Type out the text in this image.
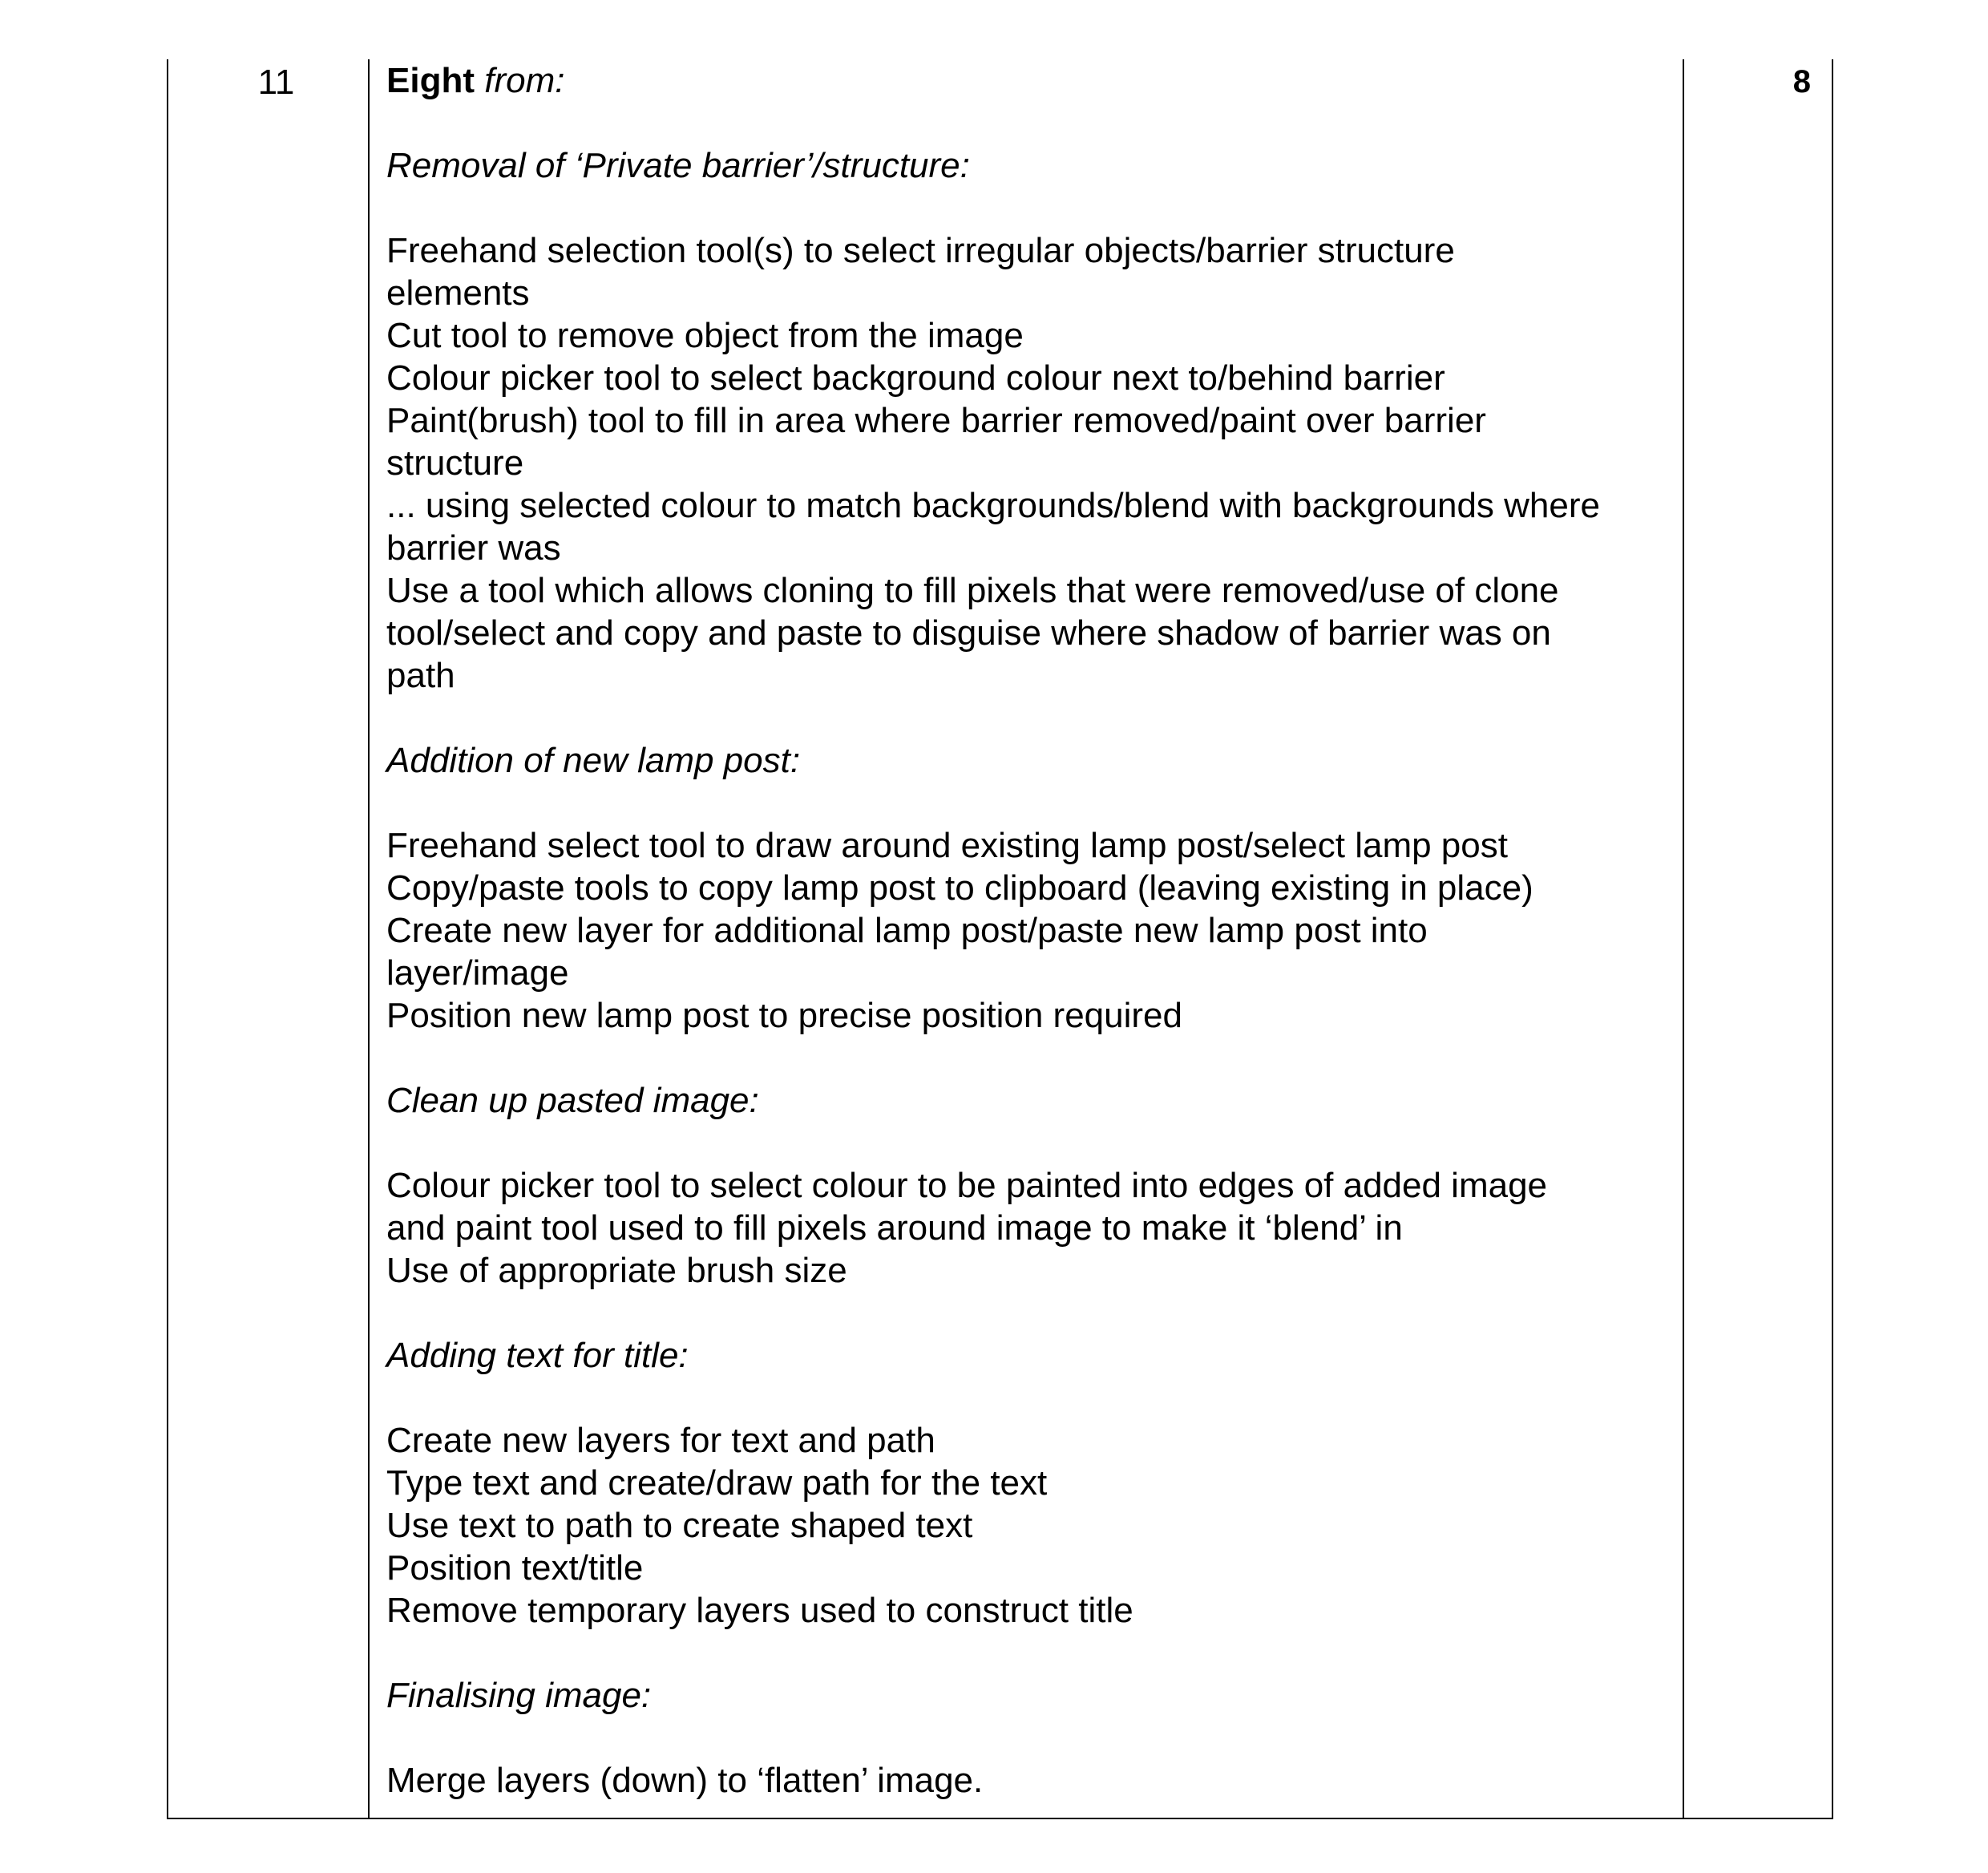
11	Eight from:

Removal of ‘Private barrier’/structure:

Freehand selection tool(s) to select irregular objects/barrier structure

elements

Cut tool to remove object from the image

Colour picker tool to select background colour next to/behind barrier

Paint(brush) tool to fill in area where barrier removed/paint over barrier

structure

... using selected colour to match backgrounds/blend with backgrounds where

barrier was

Use a tool which allows cloning to fill pixels that were removed/use of clone

tool/select and copy and paste to disguise where shadow of barrier was on

path

Addition of new lamp post:

Freehand select tool to draw around existing lamp post/select lamp post

Copy/paste tools to copy lamp post to clipboard (leaving existing in place)

Create new layer for additional lamp post/paste new lamp post into

layer/image

Position new lamp post to precise position required

Clean up pasted image:

Colour picker tool to select colour to be painted into edges of added image

and paint tool used to fill pixels around image to make it ‘blend’ in

Use of appropriate brush size

Adding text for title:

Create new layers for text and path

Type text and create/draw path for the text

Use text to path to create shaped text

Position text/title

Remove temporary layers used to construct title

Finalising image:

Merge layers (down) to ‘flatten’ image.

8
